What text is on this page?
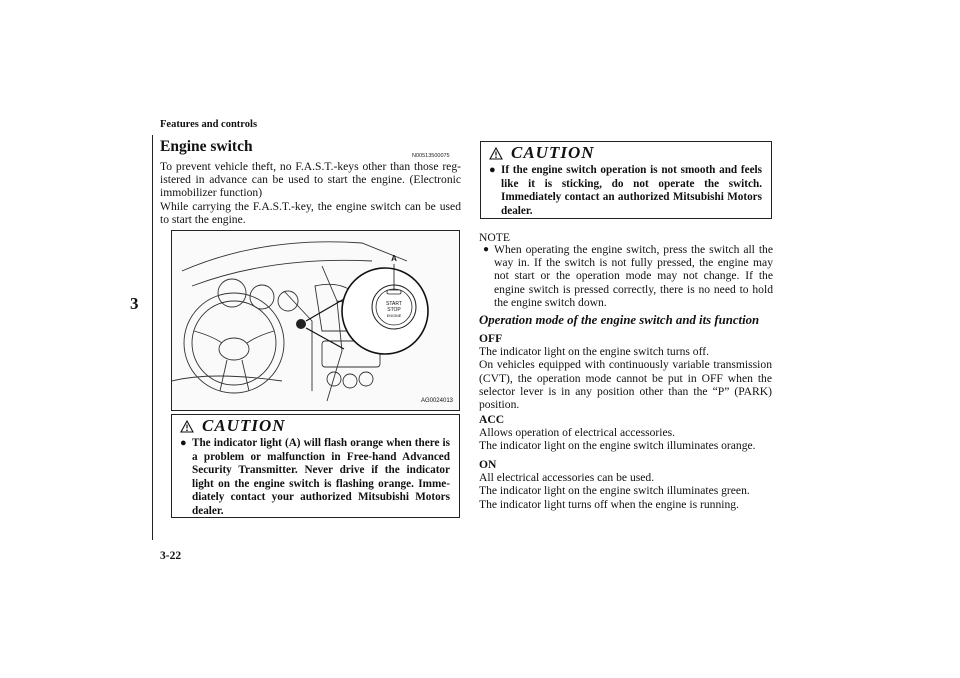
Features and controls
3
3-22
Engine switch
N00513500075
To prevent vehicle theft, no F.A.S.T.-keys other than those reg-istered in advance can be used to start the engine. (Electronic immobilizer function)
While carrying the F.A.S.T.-key, the engine switch can be used to start the engine.
A
START
STOP
ENGINE
AG0024013
CAUTION
● The indicator light (A) will flash orange when there is a problem or malfunction in Free-hand Advanced Security Transmitter. Never drive if the indicator light on the engine switch is flashing orange. Imme-diately contact your authorized Mitsubishi Motors dealer.
CAUTION
● If the engine switch operation is not smooth and feels like it is sticking, do not operate the switch. Immediately contact an authorized Mitsubishi Motors dealer.
NOTE
● When operating the engine switch, press the switch all the way in. If the switch is not fully pressed, the engine may not start or the operation mode may not change. If the engine switch is pressed correctly, there is no need to hold the engine switch down.
Operation mode of the engine switch and its function
OFF
The indicator light on the engine switch turns off.
On vehicles equipped with continuously variable transmission (CVT), the operation mode cannot be put in OFF when the selector lever is in any position other than the “P” (PARK) position.
ACC
Allows operation of electrical accessories.
The indicator light on the engine switch illuminates orange.
ON
All electrical accessories can be used.
The indicator light on the engine switch illuminates green.
The indicator light turns off when the engine is running.
